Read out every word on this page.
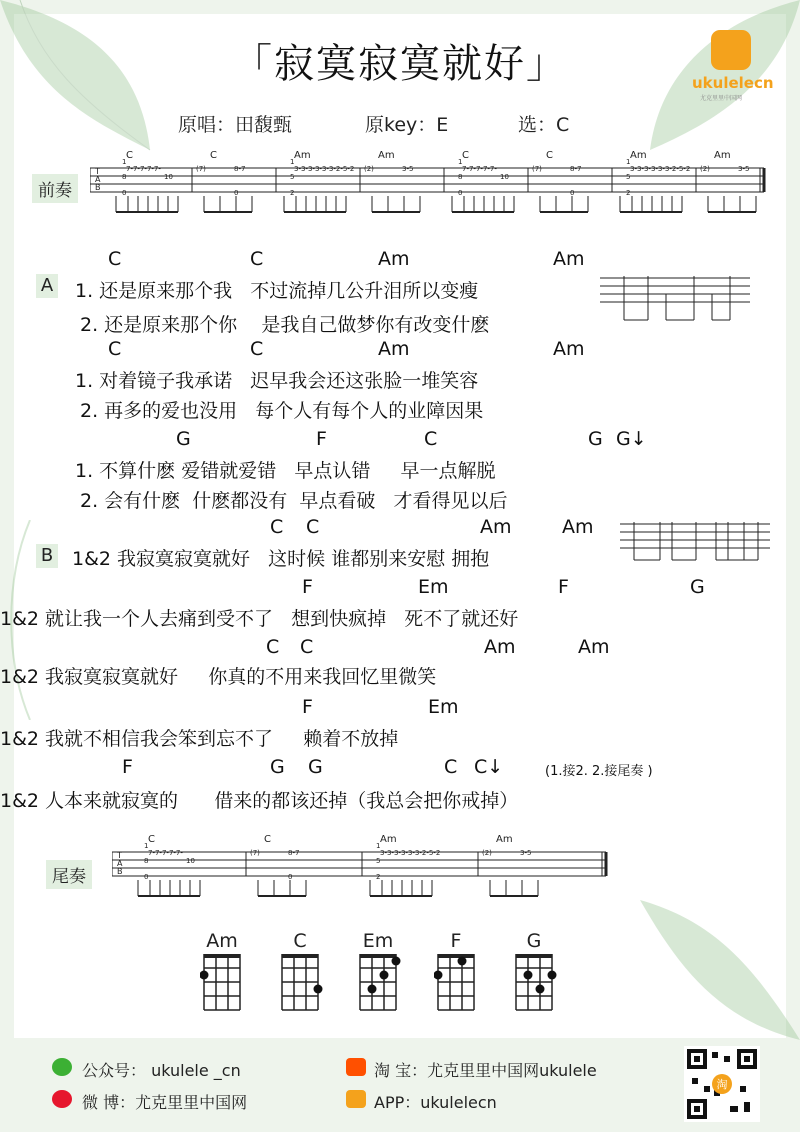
「寂寞寂寞就好」	ukulelecn
尤克里里中国网
原唱：田馥甄	原key：E	选：C
前奏
T
A
B
C
1
7-7-7-7-7-
8
0
10
C
(7)	8-7
0
Am
1
3-3-3-3-3-3-2-5-2
5
2
Am
(2)	3-5
C
1
7-7-7-7-7-
8
0
10
C
(7)	8-7
0
Am
1
3-3-3-3-3-3-2-5-2
5
2
Am
(2)	3-5
A
B
C	C	Am	Am
1. 还是原来那个我   不过流掉几公升泪所以变瘦
2. 还是原来那个你    是我自己做梦你有改变什麽
C	C	Am	Am
1. 对着镜子我承诺   迟早我会还这张脸一堆笑容
2. 再多的爱也没用   每个人有每个人的业障因果
G	F	C	G G↓
1. 不算什麽 爱错就爱错   早点认错     早一点解脱
2. 会有什麽  什麽都没有  早点看破   才看得见以后
C C	Am	Am
1&2 我寂寞寂寞就好   这时候 谁都别来安慰 拥抱
F	Em	F	G
1&2 就让我一个人去痛到受不了   想到快疯掉   死不了就还好
C C	Am	Am
1&2 我寂寞寂寞就好     你真的不用来我回忆里微笑
F	Em
1&2 我就不相信我会笨到忘不了     赖着不放掉
F	G G	C C↓
1&2 人本来就寂寞的      借来的都该还掉（我总会把你戒掉）
(1.接2. 2.接尾奏 )
尾奏
T
A
B
C
1
7-7-7-7-7-
8
0
10
C
(7)	8-7
0
Am
1
3-3-3-3-3-3-2-5-2
5
2
Am
(2)	3-5
Am	C	Em	F	G
公众号： ukulele _cn
微 博：尤克里里中国网
淘 宝：尤克里里中国网ukulele
APP：ukulelecn
淘
